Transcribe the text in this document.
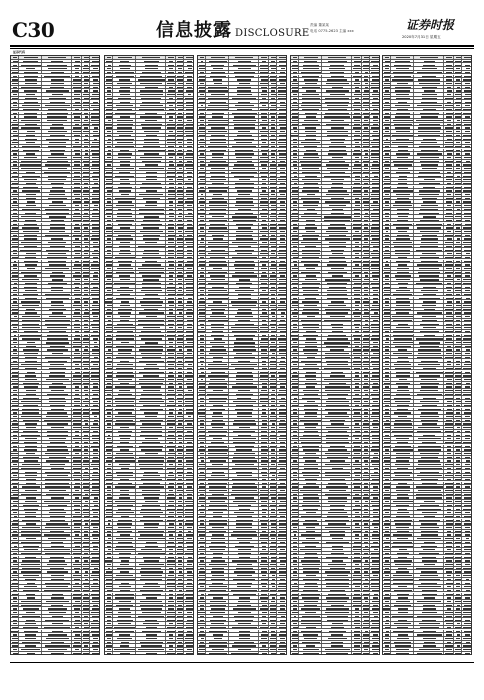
C30	信息披露 DISCLOSURE
责编 董某某
电话 0775-2623 主编 xxx	证券时报
2020年7月31日 星期五
证券代码
